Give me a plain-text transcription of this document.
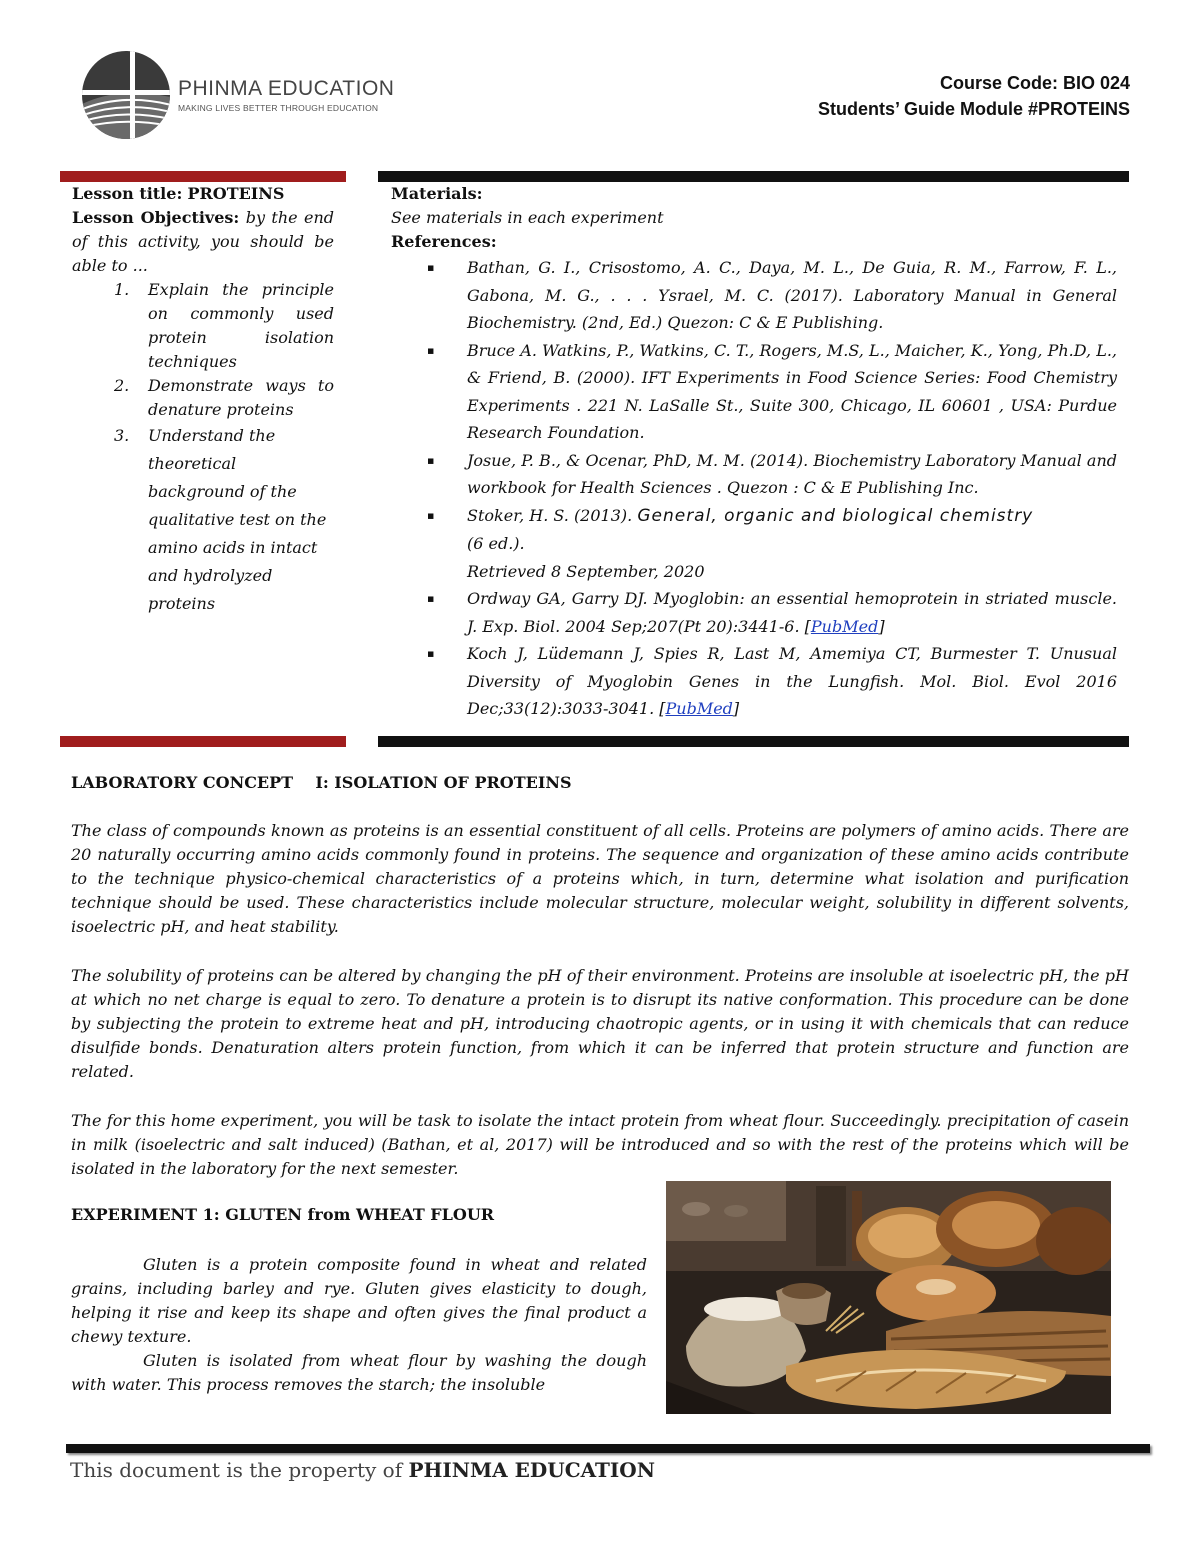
PHINMA EDUCATION
MAKING LIVES BETTER THROUGH EDUCATION
Course Code: BIO 024
Students’ Guide Module #PROTEINS
Lesson title: PROTEINS
Lesson Objectives: by the end of this activity, you should be able to ...
1. Explain the principle on commonly used protein isolation techniques
2. Demonstrate ways to denature proteins
3. Understand the theoretical background of the qualitative test on the amino acids in intact and hydrolyzed proteins
Materials:
See materials in each experiment
References:
▪ Bathan, G. I., Crisostomo, A. C., Daya, M. L., De Guia, R. M., Farrow, F. L., Gabona, M. G., . . . Ysrael, M. C. (2017). Laboratory Manual in General Biochemistry. (2nd, Ed.) Quezon: C & E Publishing.
▪ Bruce A. Watkins, P., Watkins, C. T., Rogers, M.S, L., Maicher, K., Yong, Ph.D, L., & Friend, B. (2000). IFT Experiments in Food Science Series: Food Chemistry Experiments . 221 N. LaSalle St., Suite 300, Chicago, IL 60601 , USA: Purdue Research Foundation.
▪ Josue, P. B., & Ocenar, PhD, M. M. (2014). Biochemistry Laboratory Manual and workbook for Health Sciences . Quezon : C & E Publishing Inc.
▪ Stoker, H. S. (2013). General, organic and biological chemistry
(6 ed.).
Retrieved 8 September, 2020
▪ Ordway GA, Garry DJ. Myoglobin: an essential hemoprotein in striated muscle. J. Exp. Biol. 2004 Sep;207(Pt 20):3441-6. [PubMed]
▪ Koch J, Lüdemann J, Spies R, Last M, Amemiya CT, Burmester T. Unusual Diversity of Myoglobin Genes in the Lungfish. Mol. Biol. Evol 2016 Dec;33(12):3033-3041. [PubMed]
LABORATORY CONCEPT    I: ISOLATION OF PROTEINS
The class of compounds known as proteins is an essential constituent of all cells. Proteins are polymers of amino acids. There are 20 naturally occurring amino acids commonly found in proteins. The sequence and organization of these amino acids contribute to the technique physico-chemical characteristics of a proteins which, in turn, determine what isolation and purification technique should be used. These characteristics include molecular structure, molecular weight, solubility in different solvents, isoelectric pH, and heat stability.
The solubility of proteins can be altered by changing the pH of their environment. Proteins are insoluble at isoelectric pH, the pH at which no net charge is equal to zero. To denature a protein is to disrupt its native conformation. This procedure can be done by subjecting the protein to extreme heat and pH, introducing chaotropic agents, or in using it with chemicals that can reduce disulfide bonds. Denaturation alters protein function, from which it can be inferred that protein structure and function are related.
The for this home experiment, you will be task to isolate the intact protein from wheat flour. Succeedingly. precipitation of casein in milk (isoelectric and salt induced) (Bathan, et al, 2017) will be introduced and so with the rest of the proteins which will be isolated in the laboratory for the next semester.
EXPERIMENT 1: GLUTEN from WHEAT FLOUR
Gluten is a protein composite found in wheat and related grains, including barley and rye. Gluten gives elasticity to dough, helping it rise and keep its shape and often gives the final product a chewy texture.
Gluten is isolated from wheat flour by washing the dough with water. This process removes the starch; the insoluble
This document is the property of PHINMA EDUCATION
